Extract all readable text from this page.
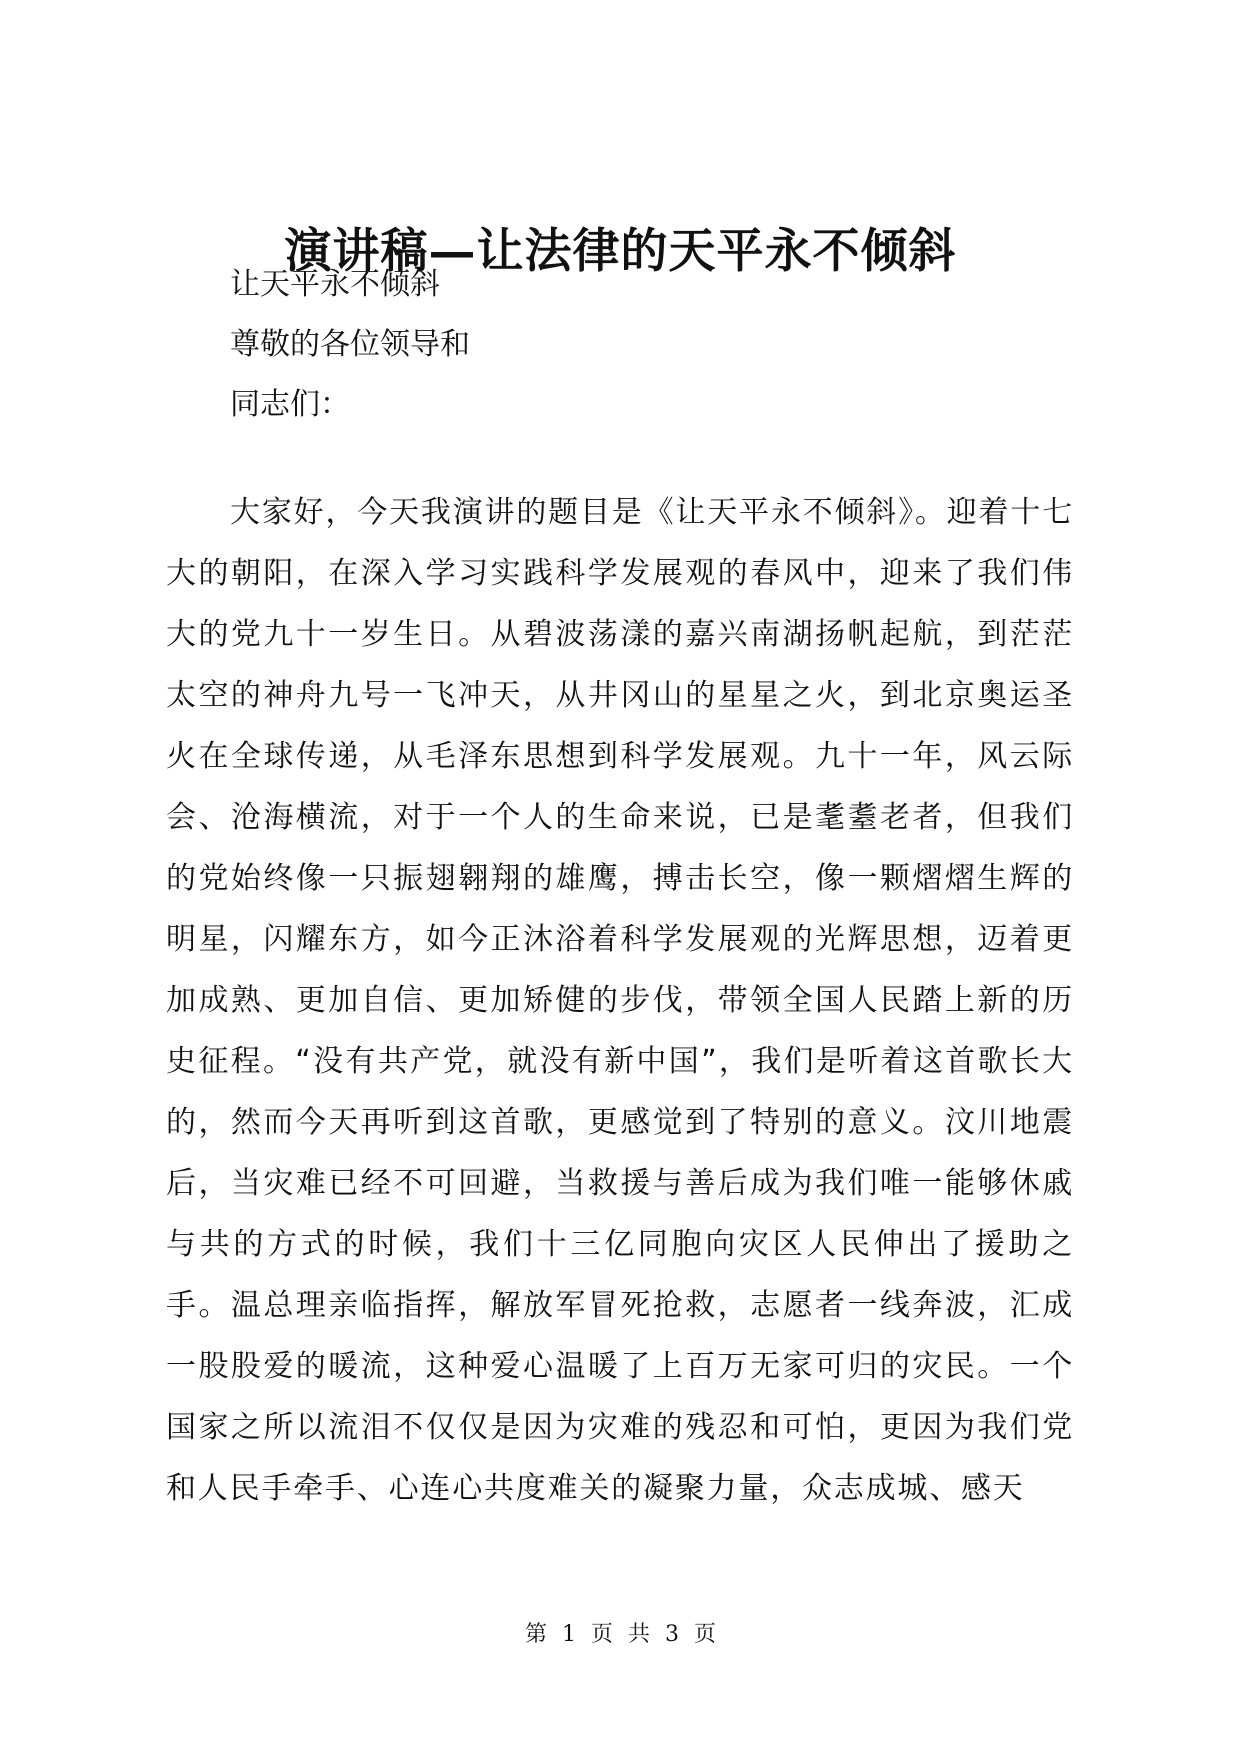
演讲稿—让法律的天平永不倾斜
让天平永不倾斜
尊敬的各位领导和
同志们：

大家好，今天我演讲的题目是《让天平永不倾斜》。迎着十七大的朝阳，在深入学习实践科学发展观的春风中，迎来了我们伟大的党九十一岁生日。从碧波荡漾的嘉兴南湖扬帆起航，到茫茫太空的神舟九号一飞冲天，从井冈山的星星之火，到北京奥运圣火在全球传递，从毛泽东思想到科学发展观。九十一年，风云际会、沧海横流，对于一个人的生命来说，已是耄耋老者，但我们的党始终像一只振翅翱翔的雄鹰，搏击长空，像一颗熠熠生辉的明星，闪耀东方，如今正沐浴着科学发展观的光辉思想，迈着更加成熟、更加自信、更加矫健的步伐，带领全国人民踏上新的历史征程。“没有共产党，就没有新中国”，我们是听着这首歌长大的，然而今天再听到这首歌，更感觉到了特别的意义。汶川地震后，当灾难已经不可回避，当救援与善后成为我们唯一能够休戚与共的方式的时候，我们十三亿同胞向灾区人民伸出了援助之手。温总理亲临指挥，解放军冒死抢救，志愿者一线奔波，汇成一股股爱的暖流，这种爱心温暖了上百万无家可归的灾民。一个国家之所以流泪不仅仅是因为灾难的残忍和可怕，更因为我们党和人民手牵手、心连心共度难关的凝聚力量，众志成城、感天

第 1 页 共 3 页
